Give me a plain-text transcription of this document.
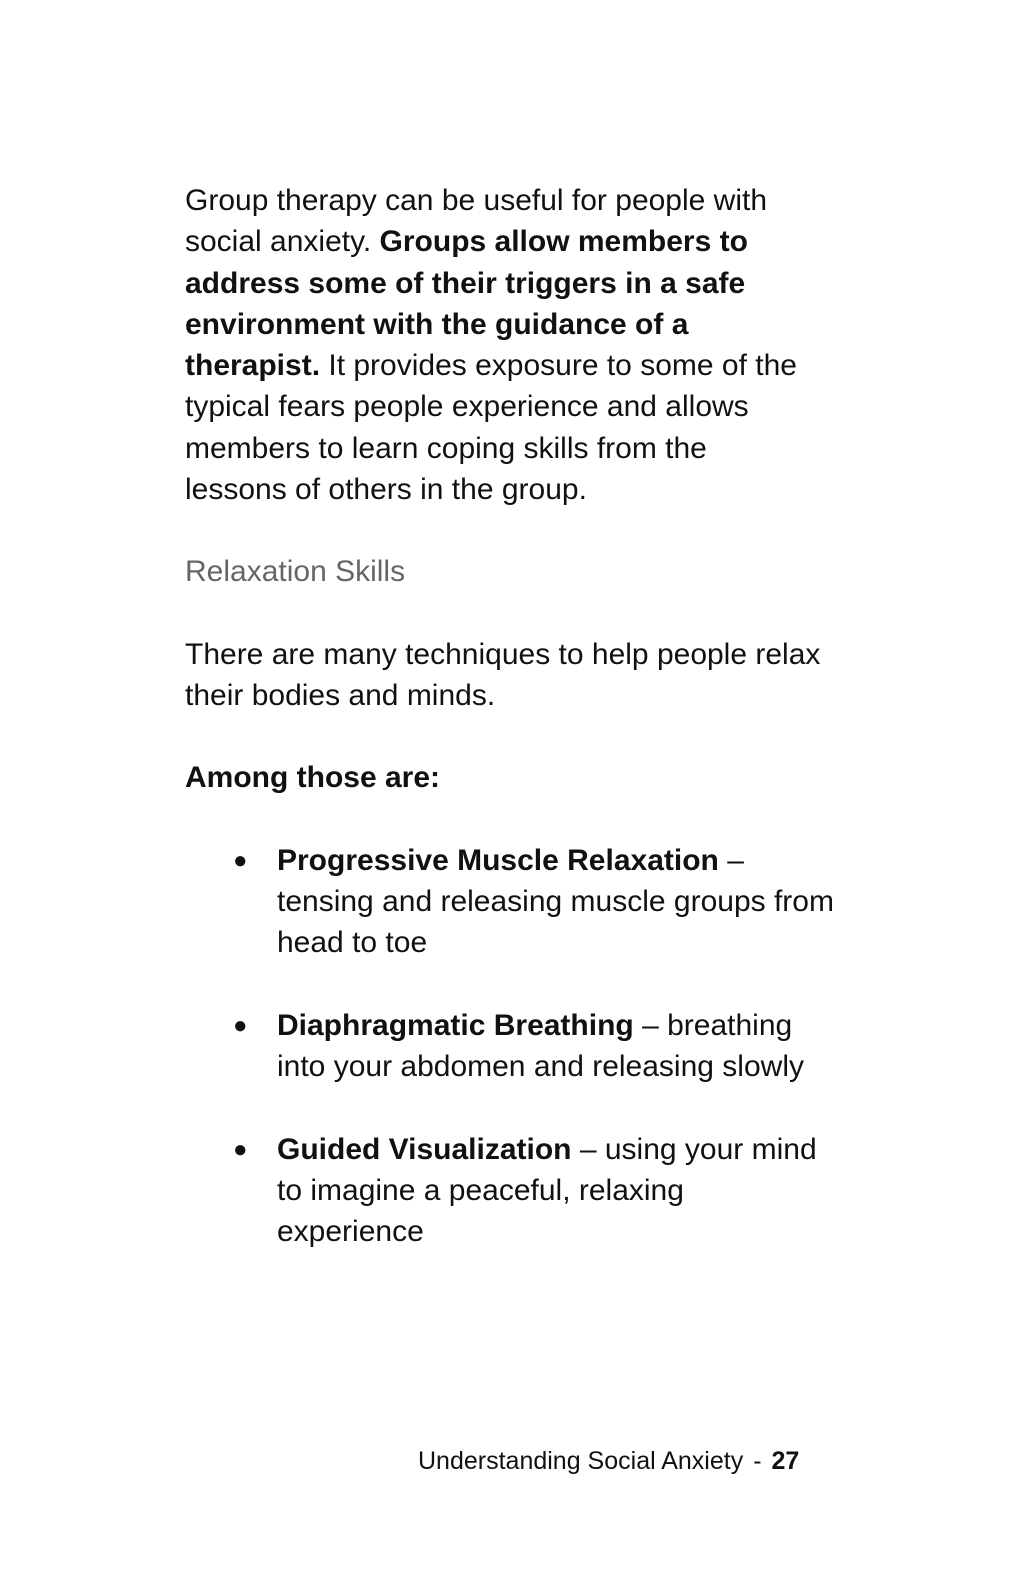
Group therapy can be useful for people with social anxiety. Groups allow members to address some of their triggers in a safe environment with the guidance of a therapist. It provides exposure to some of the typical fears people experience and allows members to learn coping skills from the lessons of others in the group.

Relaxation Skills

There are many techniques to help people relax their bodies and minds.

Among those are:

● Progressive Muscle Relaxation – tensing and releasing muscle groups from head to toe
● Diaphragmatic Breathing – breathing into your abdomen and releasing slowly
● Guided Visualization – using your mind to imagine a peaceful, relaxing experience
Understanding Social Anxiety - 27
